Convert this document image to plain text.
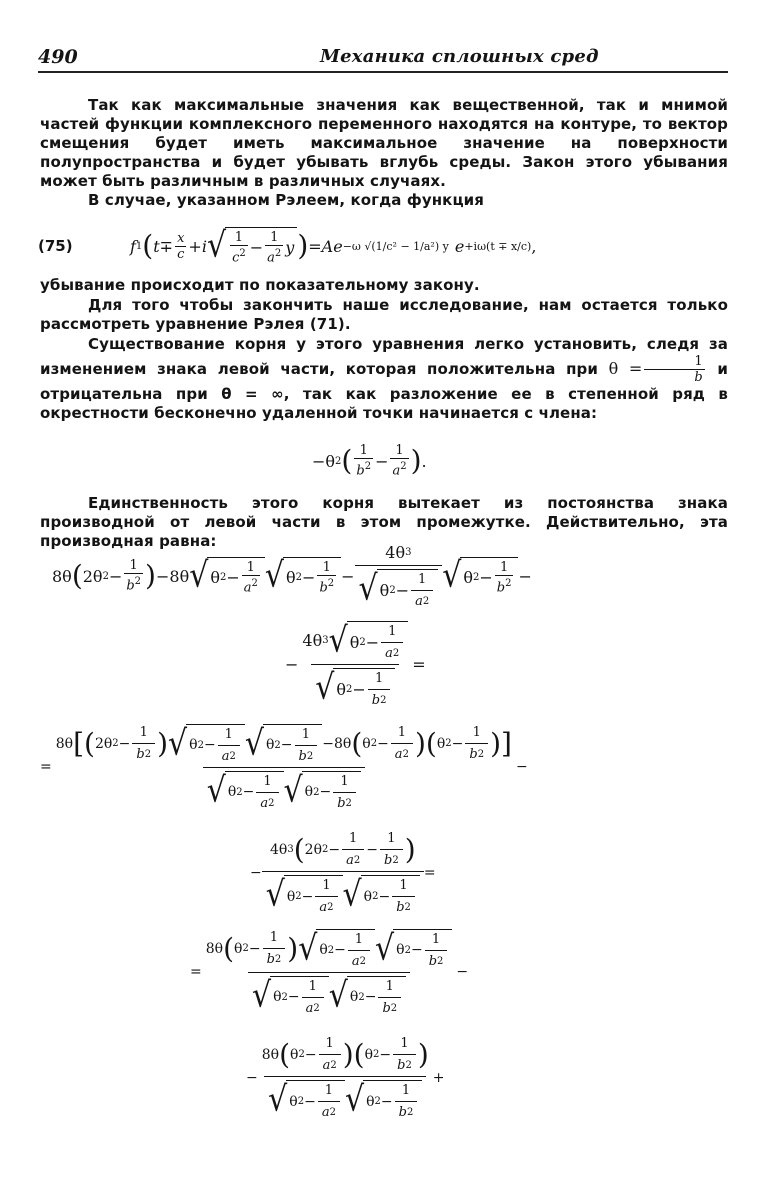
490	Механика сплошных сред
Так как максимальные значения как вещественной, так и мнимой частей функции комплексного переменного находятся на контуре, то вектор смещения будет иметь максимальное значение на поверхности полупространства и будет убывать вглубь среды. Закон этого убывания может быть различным в различных случаях.
В случае, указанном Рэлеем, когда функция
(75)	f 1 ( $t \mp \frac{x}{c} + i$ √ $\frac{1}{c^2} - \frac{1}{a^2}$ y ) = Ae −ω √(1/c² − 1/a²) y e +iω(t ∓ x/c) ,
убывание происходит по показательному закону.
Для того чтобы закончить наше исследование, нам остается только рассмотреть уравнение Рэлея (71).
Существование корня у этого уравнения легко установить, следя за изменением знака левой части, которая положительна при $\theta = \frac{1}{b}$ и отрицательна при θ = ∞, так как разложение ее в степенной ряд в окрестности бесконечно удаленной точки начинается с члена:
−θ 2 ( $\frac{1}{b^2} - \frac{1}{a^2}$ ) .
Единственность этого корня вытекает из постоянства знака производной от левой части в этом промежутке. Действительно, эта производная равна:
8θ ( 2θ $2 - \frac{1}{b^2}$ ) −8θ √ θ $2 - \frac{1}{a^2}$ √ θ $2 - \frac{1}{b^2} - \frac{4\theta 3}{√ \theta 2 - \frac{1}{a 2}}$ √ θ $2 - \frac{1}{b^2}$ −
− $\frac{4\theta 3 √ \theta 2 - \frac{1}{a 2}}{√ \theta 2 - \frac{1}{b 2}}$ =
= $\frac{8\theta [ ( 2\theta 2 - \frac{1}{b 2} ) √ \theta 2 - \frac{1}{a 2} √ \theta 2 - \frac{1}{b 2} -8\theta ( \theta 2 - \frac{1}{a 2} ) ( \theta 2 - \frac{1}{b 2} ) ]}{√ \theta 2 - \frac{1}{a 2} √ \theta 2 - \frac{1}{b 2}}$ −
− $\frac{4\theta 3 ( 2\theta 2 - \frac{1}{a 2} - \frac{1}{b 2} )}{√ \theta 2 - \frac{1}{a 2} √ \theta 2 - \frac{1}{b 2}}$ =
= $\frac{8\theta ( \theta 2 - \frac{1}{b 2} ) √ \theta 2 - \frac{1}{a 2} √ \theta 2 - \frac{1}{b 2}}{√ \theta 2 - \frac{1}{a 2} √ \theta 2 - \frac{1}{b 2}}$ −
− $\frac{8\theta ( \theta 2 - \frac{1}{a 2} ) ( \theta 2 - \frac{1}{b 2} )}{√ \theta 2 - \frac{1}{a 2} √ \theta 2 - \frac{1}{b 2}}$ +
